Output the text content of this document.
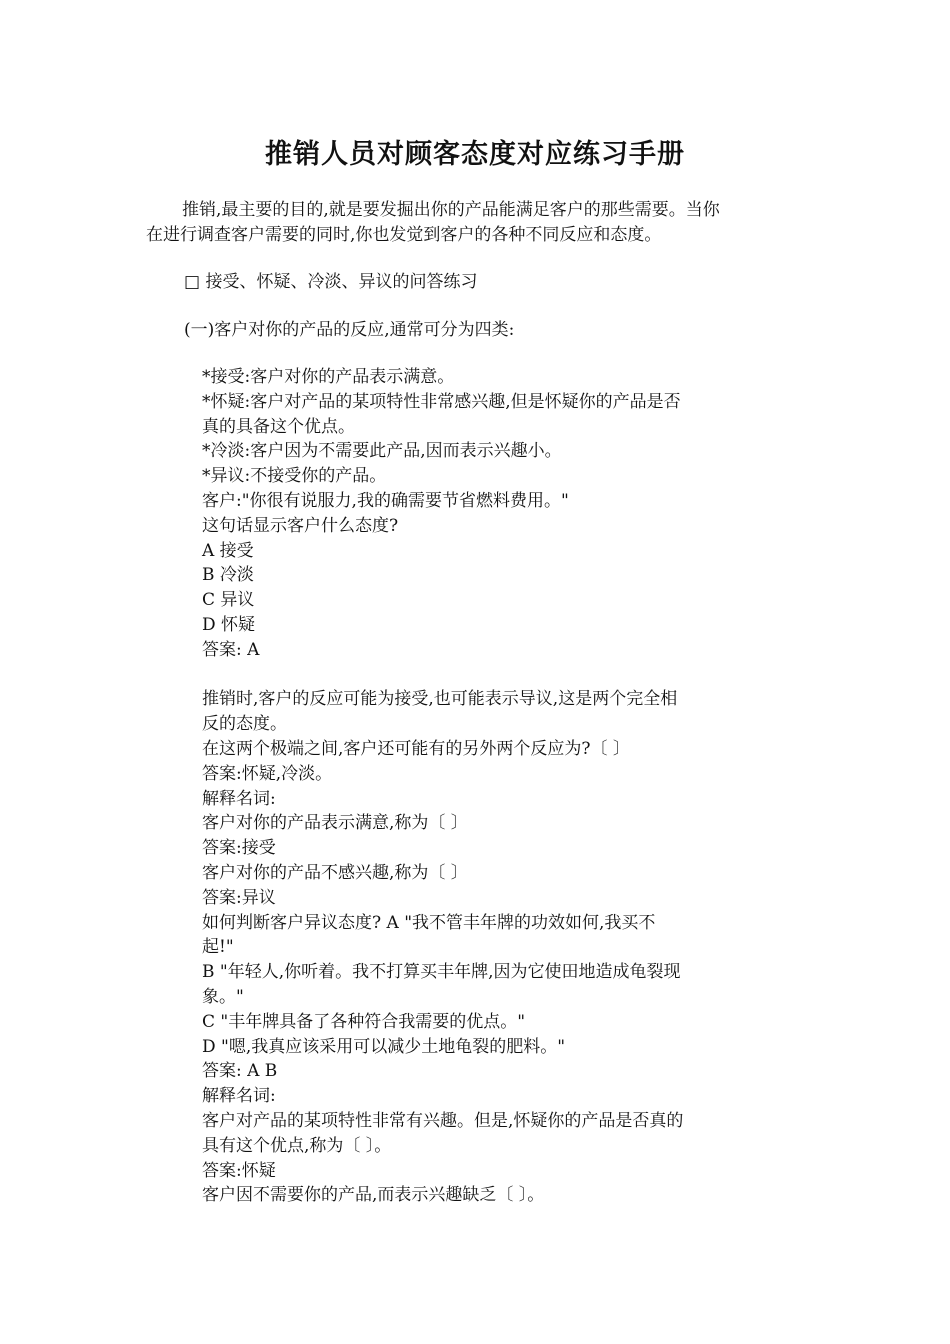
推销人员对顾客态度对应练习手册
推销,最主要的目的,就是要发掘出你的产品能满足客户的那些需要。当你
在进行调查客户需要的同时,你也发觉到客户的各种不同反应和态度。
□ 接受、怀疑、冷淡、异议的问答练习
(一)客户对你的产品的反应,通常可分为四类:
*接受:客户对你的产品表示满意。
*怀疑:客户对产品的某项特性非常感兴趣,但是怀疑你的产品是否
真的具备这个优点。
*冷淡:客户因为不需要此产品,因而表示兴趣小。
*异议:不接受你的产品。
客户:"你很有说服力,我的确需要节省燃料费用。"
这句话显示客户什么态度?
A 接受
B 冷淡
C 异议
D 怀疑
答案: A
推销时,客户的反应可能为接受,也可能表示导议,这是两个完全相
反的态度。
在这两个极端之间,客户还可能有的另外两个反应为?〔 〕
答案:怀疑,冷淡。
解释名词:
客户对你的产品表示满意,称为〔 〕
答案:接受
客户对你的产品不感兴趣,称为〔 〕
答案:异议
如何判断客户异议态度? A "我不管丰年牌的功效如何,我买不
起!"
B "年轻人,你听着。我不打算买丰年牌,因为它使田地造成龟裂现
象。"
C "丰年牌具备了各种符合我需要的优点。"
D "嗯,我真应该采用可以减少土地龟裂的肥料。"
答案: A B
解释名词:
客户对产品的某项特性非常有兴趣。但是,怀疑你的产品是否真的
具有这个优点,称为〔 〕。
答案:怀疑
客户因不需要你的产品,而表示兴趣缺乏〔 〕。
